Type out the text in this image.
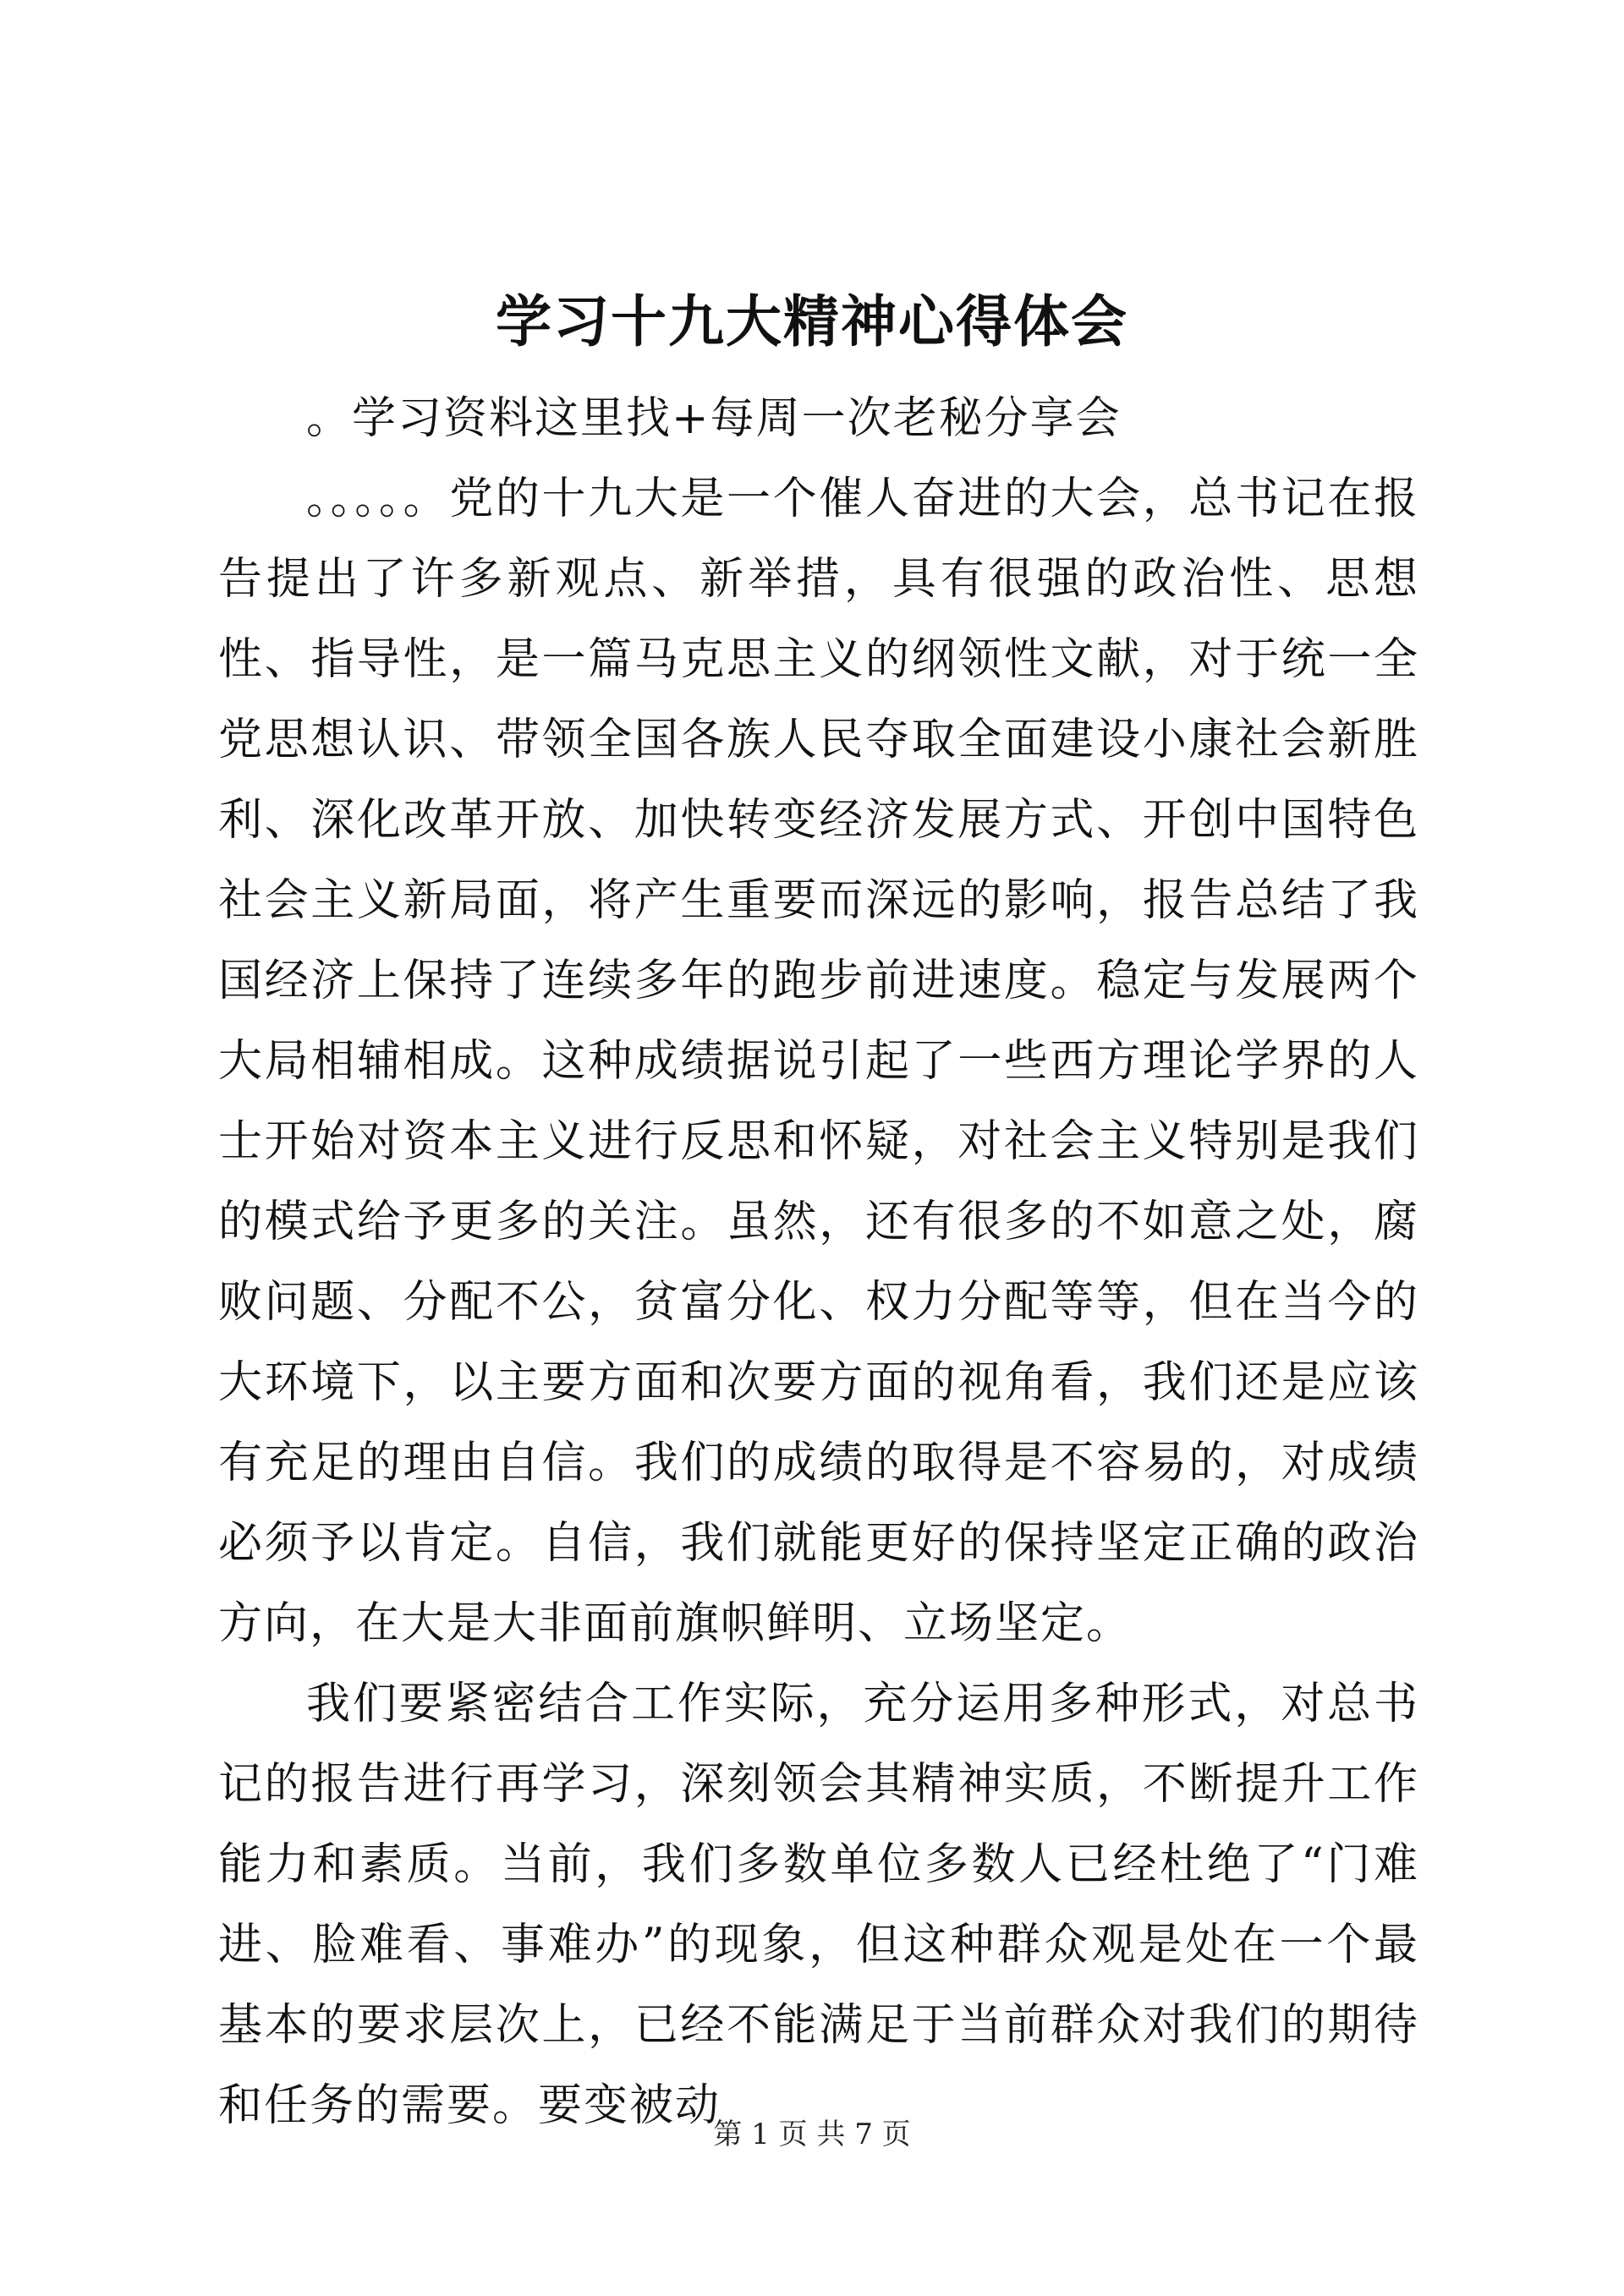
学习十九大精神心得体会

。学习资料这里找+每周一次老秘分享会

。。。。。党的十九大是一个催人奋进的大会，总书记在报告提出了许多新观点、新举措，具有很强的政治性、思想性、指导性，是一篇马克思主义的纲领性文献，对于统一全党思想认识、带领全国各族人民夺取全面建设小康社会新胜利、深化改革开放、加快转变经济发展方式、开创中国特色社会主义新局面，将产生重要而深远的影响，报告总结了我国经济上保持了连续多年的跑步前进速度。稳定与发展两个大局相辅相成。这种成绩据说引起了一些西方理论学界的人士开始对资本主义进行反思和怀疑，对社会主义特别是我们的模式给予更多的关注。虽然，还有很多的不如意之处，腐败问题、分配不公，贫富分化、权力分配等等，但在当今的大环境下，以主要方面和次要方面的视角看，我们还是应该有充足的理由自信。我们的成绩的取得是不容易的，对成绩必须予以肯定。自信，我们就能更好的保持坚定正确的政治方向，在大是大非面前旗帜鲜明、立场坚定。

我们要紧密结合工作实际，充分运用多种形式，对总书记的报告进行再学习，深刻领会其精神实质，不断提升工作能力和素质。当前，我们多数单位多数人已经杜绝了“门难进、脸难看、事难办”的现象，但这种群众观是处在一个最基本的要求层次上，已经不能满足于当前群众对我们的期待和任务的需要。要变被动

第 1 页 共 7 页
